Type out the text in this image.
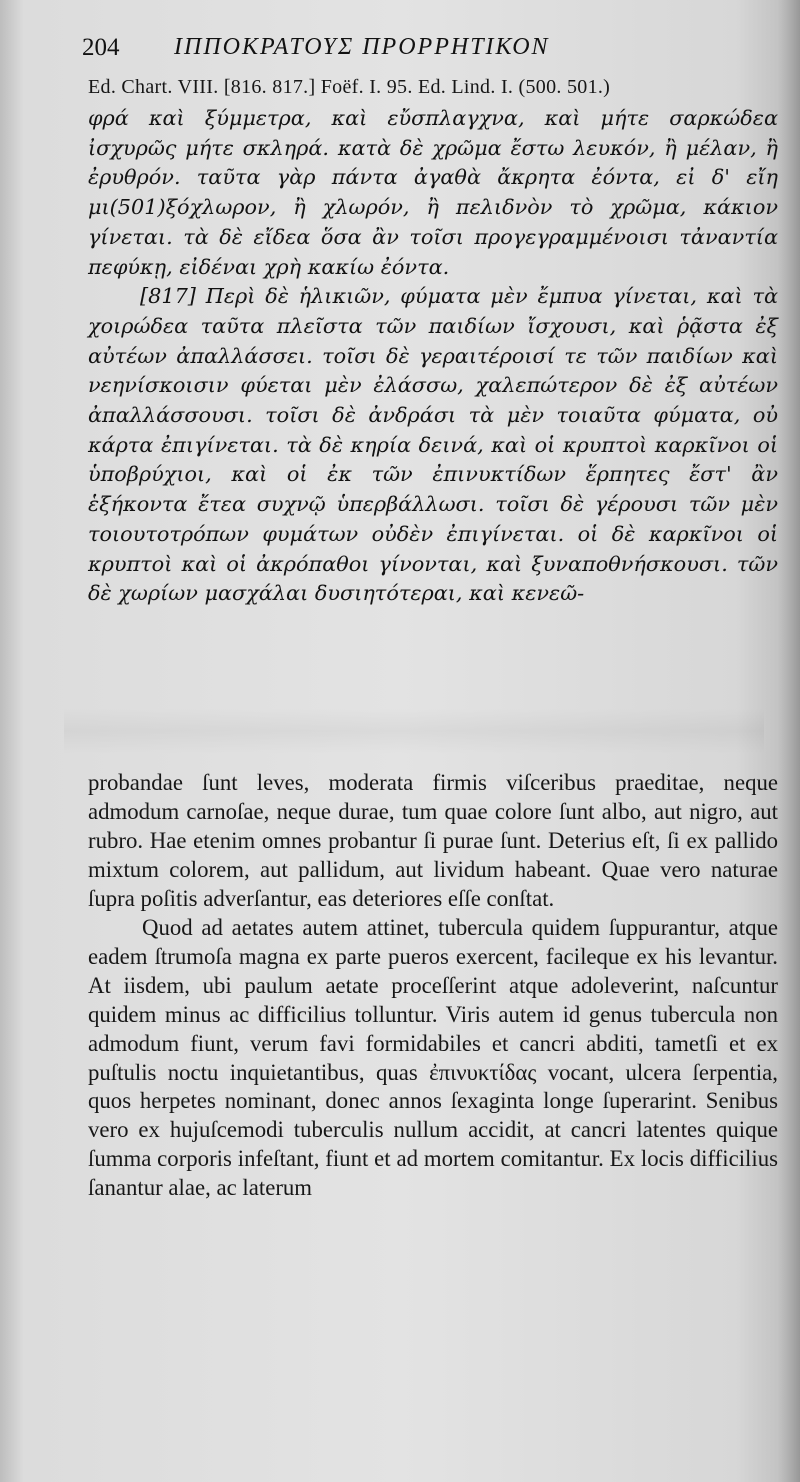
204 ΙΠΠΟΚΡΑΤΟΥΣ ΠΡΟΡΡΗΤΙΚΟΝ
Ed. Chart. VIII. [816. 817.] Foëf. I. 95. Ed. Lind. I. (500. 501.)

φρά καὶ ξύμμετρα, καὶ εὔσπλαγχνα, καὶ μήτε σαρκώδεα ἰσχυρῶς μήτε σκληρά. κατὰ δὲ χρῶμα ἔστω λευκόν, ἢ μέλαν, ἢ ἐρυθρόν. ταῦτα γὰρ πάντα ἀγαθὰ ἄκρητα ἐόντα, εἰ δ' εἴη μι(501)ξόχλωρον, ἢ χλωρόν, ἢ πελιδνὸν τὸ χρῶμα, κάκιον γίνεται. τὰ δὲ εἴδεα ὅσα ἂν τοῖσι προγεγραμμένοισι τἀναντία πεφύκῃ, εἰδέναι χρὴ κακίω ἐόντα.

[817] Περὶ δὲ ἡλικιῶν, φύματα μὲν ἔμπυα γίνεται, καὶ τὰ χοιρώδεα ταῦτα πλεῖστα τῶν παιδίων ἴσχουσι, καὶ ῥᾷστα ἐξ αὐτέων ἀπαλλάσσει. τοῖσι δὲ γεραιτέροισί τε τῶν παιδίων καὶ νεηνίσκοισιν φύεται μὲν ἐλάσσω, χαλεπώτερον δὲ ἐξ αὐτέων ἀπαλλάσσουσι. τοῖσι δὲ ἀνδράσι τὰ μὲν τοιαῦτα φύματα, οὐ κάρτα ἐπιγίνεται. τὰ δὲ κηρία δεινά, καὶ οἱ κρυπτοὶ καρκῖνοι οἱ ὑποβρύχιοι, καὶ οἱ ἐκ τῶν ἐπινυκτίδων ἕρπητες ἔστ' ἂν ἑξήκοντα ἔτεα συχνῷ ὑπερβάλλωσι. τοῖσι δὲ γέρουσι τῶν μὲν τοιουτοτρόπων φυμάτων οὐδὲν ἐπιγίνεται. οἱ δὲ καρκῖνοι οἱ κρυπτοὶ καὶ οἱ ἀκρόπαθοι γίνονται, καὶ ξυναποθνήσκουσι. τῶν δὲ χωρίων μασχάλαι δυσιητότεραι, καὶ κενεῶ-

probandae ſunt leves, moderata firmis viſceribus praeditae, neque admodum carnoſae, neque durae, tum quae colore ſunt albo, aut nigro, aut rubro. Hae etenim omnes probantur ſi purae ſunt. Deterius eſt, ſi ex pallido mixtum colorem, aut pallidum, aut lividum habeant. Quae vero naturae ſupra poſitis adverſantur, eas deteriores eſſe conſtat.

Quod ad aetates autem attinet, tubercula quidem ſuppurantur, atque eadem ſtrumoſa magna ex parte pueros exercent, facileque ex his levantur. At iisdem, ubi paulum aetate proceſſerint atque adoleverint, naſcuntur quidem minus ac difficilius tolluntur. Viris autem id genus tubercula non admodum fiunt, verum favi formidabiles et cancri abditi, tametſi et ex puſtulis noctu inquietantibus, quas ἐπινυκτίδας vocant, ulcera ſerpentia, quos herpetes nominant, donec annos ſexaginta longe ſuperarint. Senibus vero ex hujuſcemodi tuberculis nullum accidit, at cancri latentes quique ſumma corporis infeſtant, fiunt et ad mortem comitantur. Ex locis difficilius ſanantur alae, ac laterum
